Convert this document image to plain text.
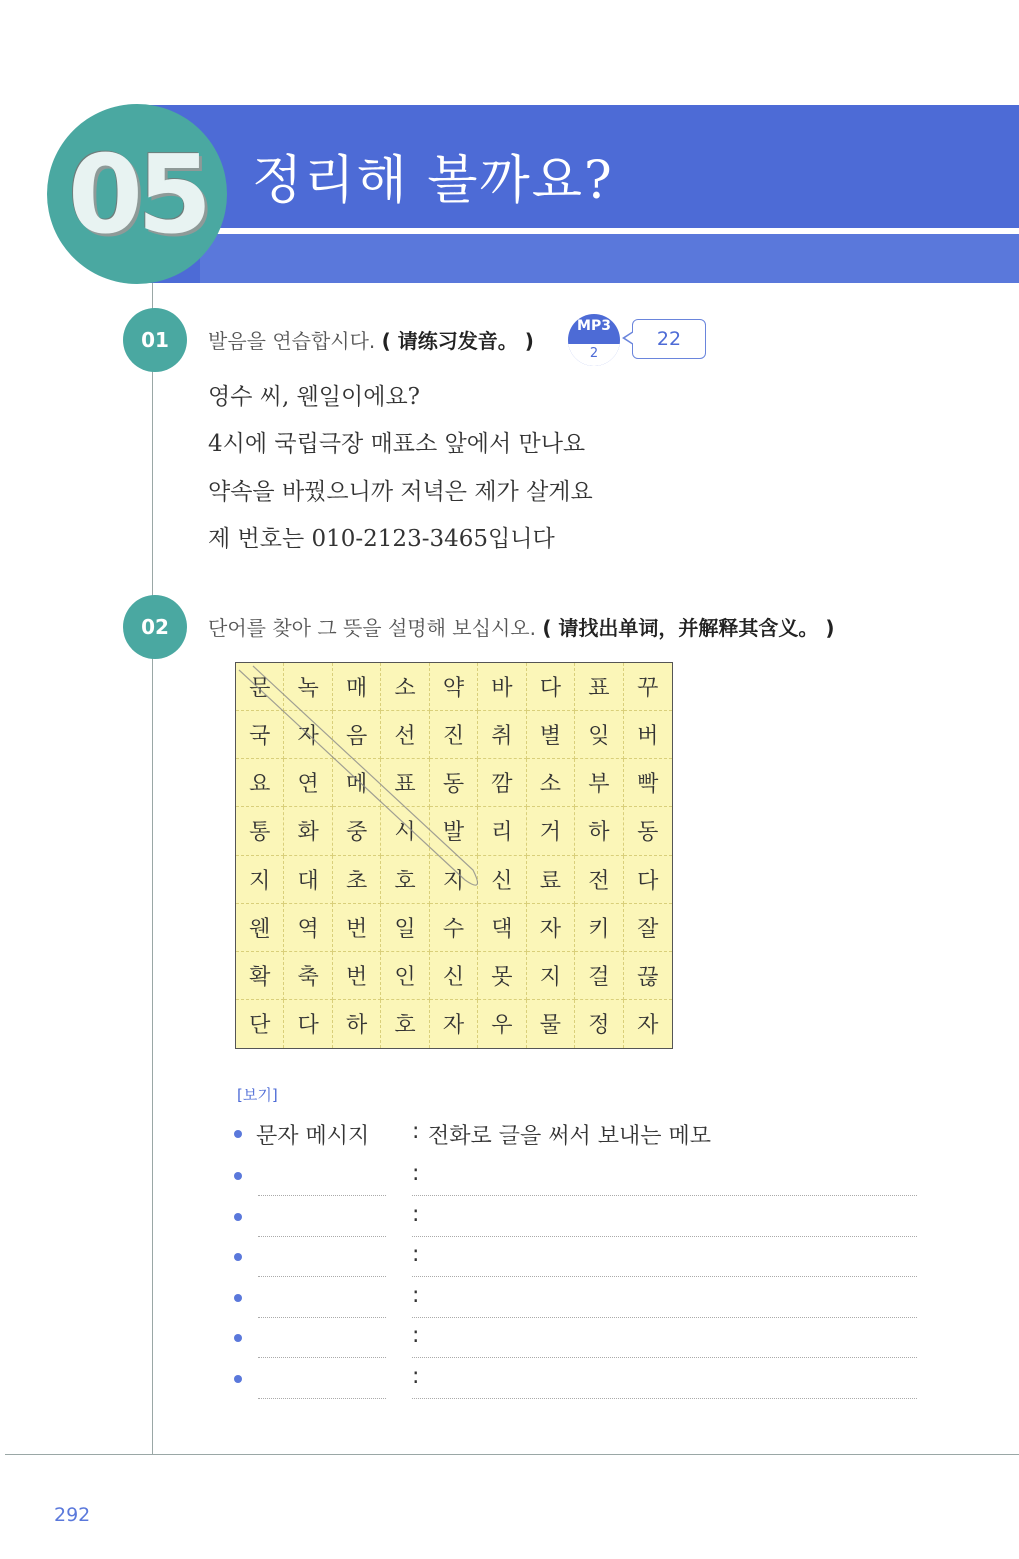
05 정리해 볼까요?
01	발음을 연습합시다. ( 请练习发音。 )
MP3
2
22
영수 씨, 웬일이에요?
4시에 국립극장 매표소 앞에서 만나요
약속을 바꿨으니까 저녁은 제가 살게요
제 번호는 010-2123-3465입니다
02	단어를 찾아 그 뜻을 설명해 보십시오. ( 请找出单词，并解释其含义。 )
문	녹	매	소	약	바	다	표	꾸
국	자	음	선	진	취	별	잊	버
요	연	메	표	동	깜	소	부	빡
통	화	중	시	발	리	거	하	동
지	대	초	호	지	신	료	전	다
웬	역	번	일	수	댁	자	키	잘
확	축	번	인	신	못	지	걸	끊
단	다	하	호	자	우	물	정	자
[보기]
문자 메시지 : 전화로 글을 써서 보내는 메모
:
:
:
:
:
:
292
